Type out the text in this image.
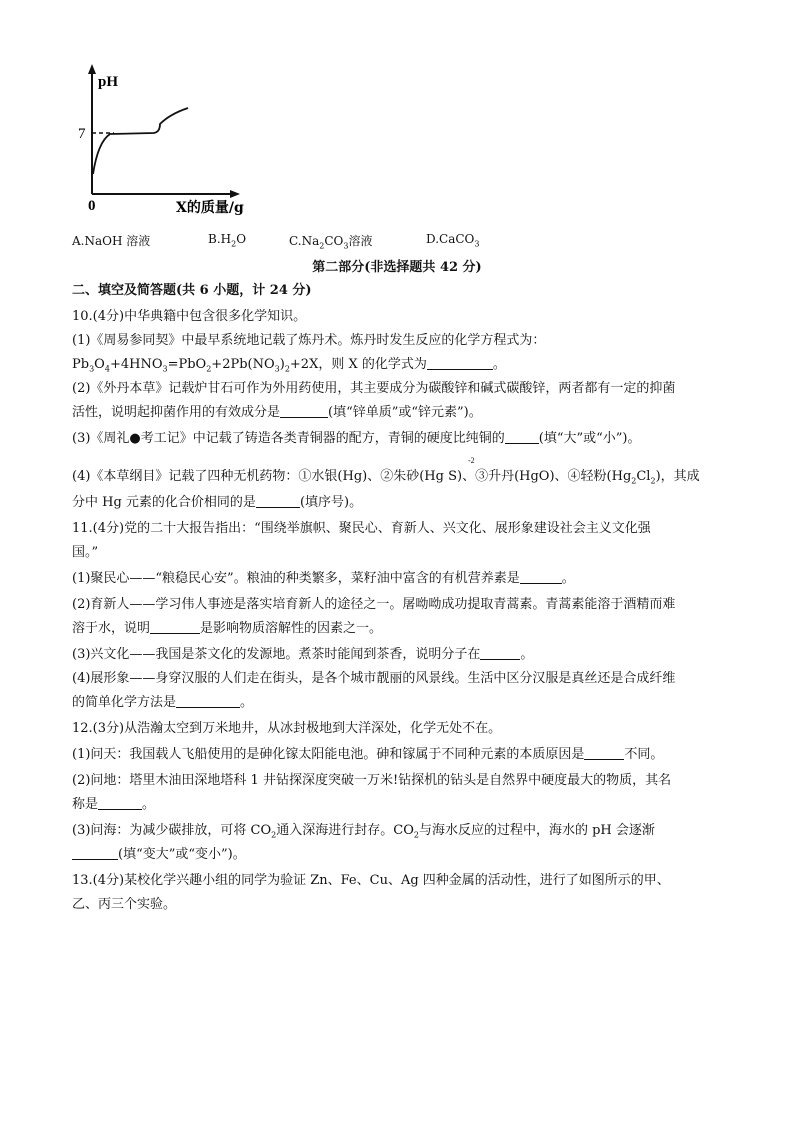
pH
7
0	X的质量/g
A.NaOH 溶液	$B.H_2O$	$C.Na_2CO_3$溶液	D.CaCO$_3$
第二部分(非选择题共 42 分)
二、填空及简答题(共 6 小题，计 24 分)
10.(4分)中华典籍中包含很多化学知识。
(1)《周易参同契》中最早系统地记载了炼丹术。炼丹时发生反应的化学方程式为：
$Pb_3O_4+4HNO_3=PbO_2+2Pb(NO_3)_2+2X$，则 X 的化学式为	。
(2)《外丹本草》记载炉甘石可作为外用药使用，其主要成分为碳酸锌和碱式碳酸锌，两者都有一定的抑菌
活性，说明起抑菌作用的有效成分是	(填“锌单质”或“锌元素”)。
(3)《周礼●考工记》中记载了铸造各类青铜器的配方，青铜的硬度比纯铜的	(填“大”或“小”)。
-2
(4)《本草纲目》记载了四种无机药物：①水银(Hg)、②朱砂(Hg S)、③升丹(HgO)、④轻粉$(Hg_2Cl_2)$，其成
分中 Hg 元素的化合价相同的是	(填序号)。
11.(4分)党的二十大报告指出：“围绕举旗帜、聚民心、育新人、兴文化、展形象建设社会主义文化强
国。”
(1)聚民心——“粮稳民心安”。粮油的种类繁多，菜籽油中富含的有机营养素是	。
(2)育新人——学习伟人事迹是落实培育新人的途径之一。屠呦呦成功提取青蒿素。青蒿素能溶于酒精而难
溶于水，说明	是影响物质溶解性的因素之一。
(3)兴文化——我国是茶文化的发源地。煮茶时能闻到茶香，说明分子在	。
(4)展形象——身穿汉服的人们走在街头，是各个城市靓丽的风景线。生活中区分汉服是真丝还是合成纤维
的简单化学方法是	。
12.(3分)从浩瀚太空到万米地井，从冰封极地到大洋深处，化学无处不在。
(1)问天：我国载人飞船使用的是砷化镓太阳能电池。砷和镓属于不同种元素的本质原因是	不同。
(2)问地：塔里木油田深地塔科 1 井钻探深度突破一万米!钻探机的钻头是自然界中硬度最大的物质，其名
称是	。
(3)问海：为减少碳排放，可将 $CO_2$通入深海进行封存。$CO_2$与海水反应的过程中，海水的 pH 会逐渐
(填“变大”或“变小”)。
13.(4分)某校化学兴趣小组的同学为验证 Zn、Fe、Cu、Ag 四种金属的活动性，进行了如图所示的甲、
乙、丙三个实验。
